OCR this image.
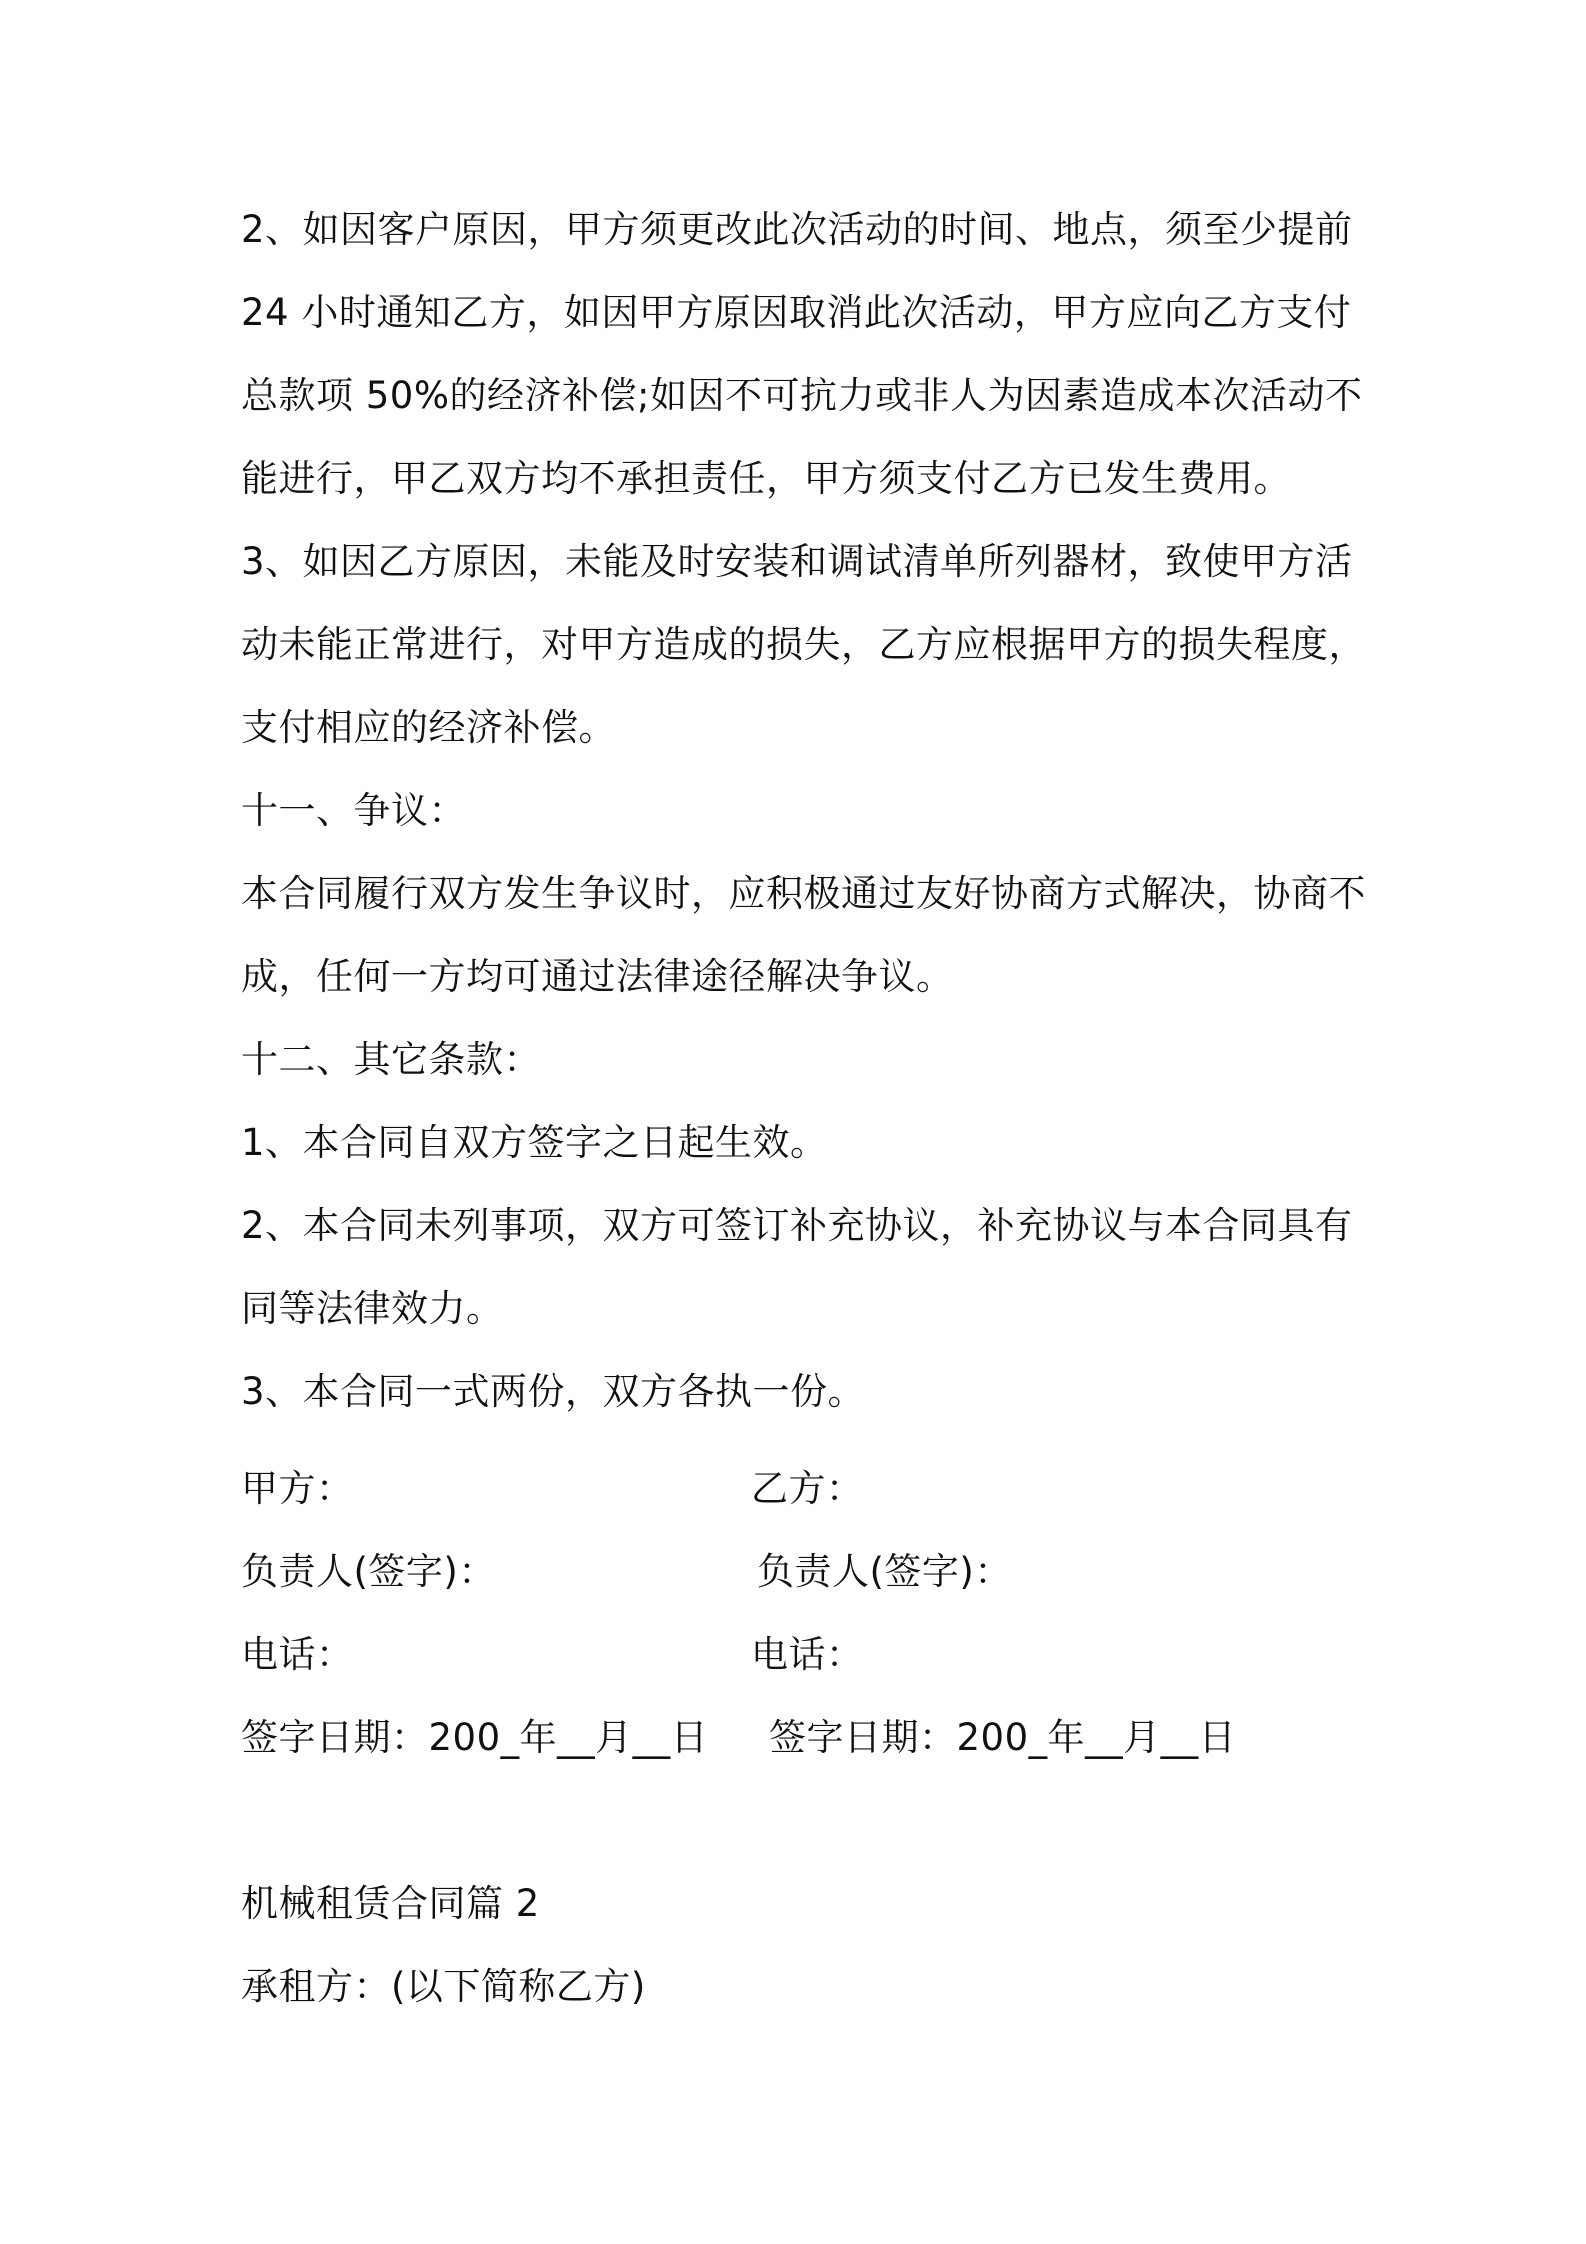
2、如因客户原因，甲方须更改此次活动的时间、地点，须至少提前
24 小时通知乙方，如因甲方原因取消此次活动，甲方应向乙方支付
总款项 50%的经济补偿;如因不可抗力或非人为因素造成本次活动不
能进行，甲乙双方均不承担责任，甲方须支付乙方已发生费用。

3、如因乙方原因，未能及时安装和调试清单所列器材，致使甲方活
动未能正常进行，对甲方造成的损失，乙方应根据甲方的损失程度，
支付相应的经济补偿。

十一、争议：

本合同履行双方发生争议时，应积极通过友好协商方式解决，协商不
成，任何一方均可通过法律途径解决争议。

十二、其它条款：

1、本合同自双方签字之日起生效。

2、本合同未列事项，双方可签订补充协议，补充协议与本合同具有
同等法律效力。

3、本合同一式两份，双方各执一份。

甲方：	乙方：
负责人(签字)：	负责人(签字)：
电话：	电话：
签字日期：200_年__月__日 签字日期：200_年__月__日

机械租赁合同篇 2

承租方：(以下简称乙方)
